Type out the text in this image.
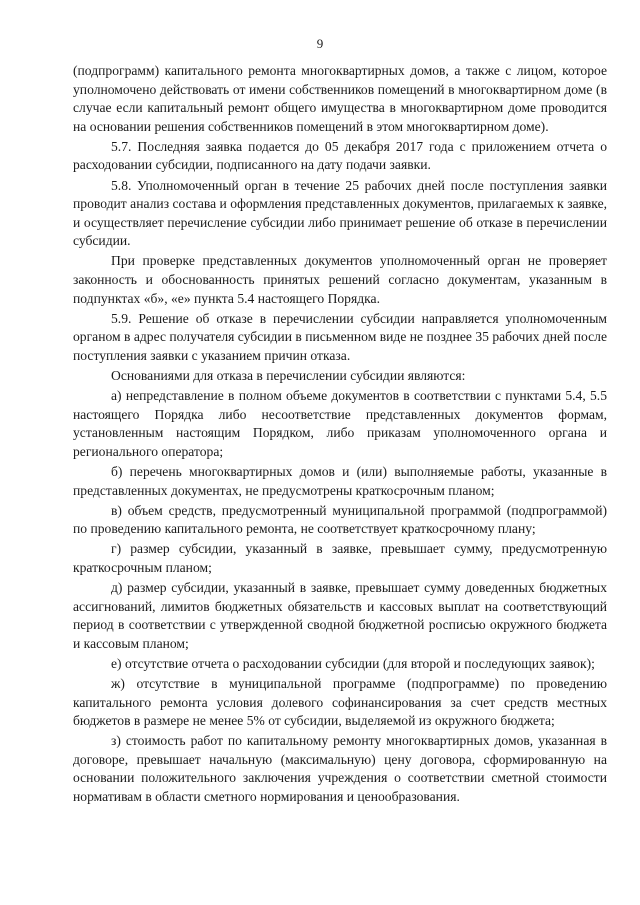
9

(подпрограмм) капитального ремонта многоквартирных домов, а также с лицом, которое уполномочено действовать от имени собственников помещений в многоквартирном доме (в случае если капитальный ремонт общего имущества в многоквартирном доме проводится на основании решения собственников помещений в этом многоквартирном доме).

5.7. Последняя заявка подается до 05 декабря 2017 года с приложением отчета о расходовании субсидии, подписанного на дату подачи заявки.

5.8. Уполномоченный орган в течение 25 рабочих дней после поступления заявки проводит анализ состава и оформления представленных документов, прилагаемых к заявке, и осуществляет перечисление субсидии либо принимает решение об отказе в перечислении субсидии.

При проверке представленных документов уполномоченный орган не проверяет законность и обоснованность принятых решений согласно документам, указанным в подпунктах «б», «е» пункта 5.4 настоящего Порядка.

5.9. Решение об отказе в перечислении субсидии направляется уполномоченным органом в адрес получателя субсидии в письменном виде не позднее 35 рабочих дней после поступления заявки с указанием причин отказа.

Основаниями для отказа в перечислении субсидии являются:

а) непредставление в полном объеме документов в соответствии с пунктами 5.4, 5.5 настоящего Порядка либо несоответствие представленных документов формам, установленным настоящим Порядком, либо приказам уполномоченного органа и регионального оператора;

б) перечень многоквартирных домов и (или) выполняемые работы, указанные в представленных документах, не предусмотрены краткосрочным планом;

в) объем средств, предусмотренный муниципальной программой (подпрограммой) по проведению капитального ремонта, не соответствует краткосрочному плану;

г) размер субсидии, указанный в заявке, превышает сумму, предусмотренную краткосрочным планом;

д) размер субсидии, указанный в заявке, превышает сумму доведенных бюджетных ассигнований, лимитов бюджетных обязательств и кассовых выплат на соответствующий период в соответствии с утвержденной сводной бюджетной росписью окружного бюджета и кассовым планом;

е) отсутствие отчета о расходовании субсидии (для второй и последующих заявок);

ж) отсутствие в муниципальной программе (подпрограмме) по проведению капитального ремонта условия долевого софинансирования за счет средств местных бюджетов в размере не менее 5% от субсидии, выделяемой из окружного бюджета;

з) стоимость работ по капитальному ремонту многоквартирных домов, указанная в договоре, превышает начальную (максимальную) цену договора, сформированную на основании положительного заключения учреждения о соответствии сметной стоимости нормативам в области сметного нормирования и ценообразования.
